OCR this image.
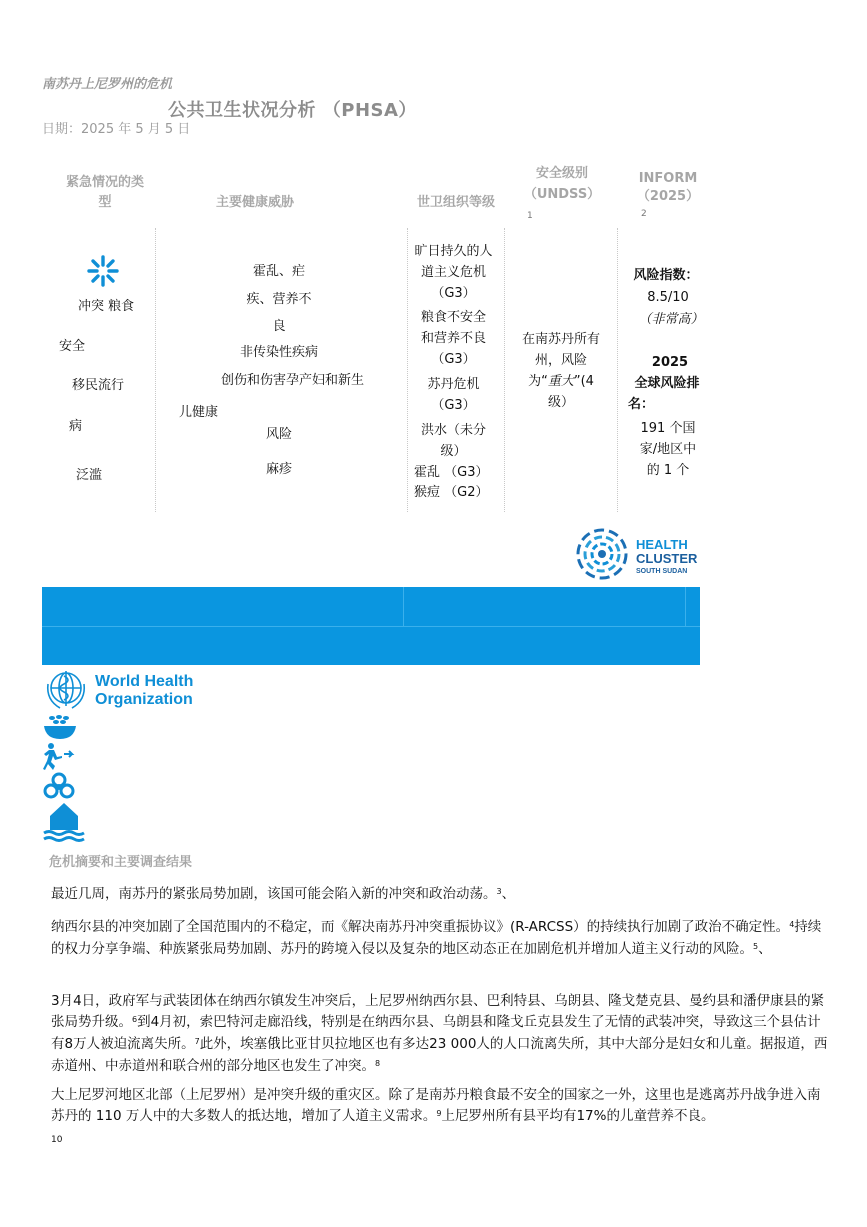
南苏丹上尼罗州的危机
公共卫生状况分析 （PHSA）
日期：2025 年 5 月 5 日
紧急情况的类型	主要健康威胁	世卫组织等级
安全级别（UNDSS）
1
INFORM（2025）
2
冲突 粮食
安全
移民流行
病
泛滥
霍乱、疟
疾、营养不
良
非传染性疾病
创伤和伤害孕产妇和新生
儿健康
风险
麻疹
旷日持久的人
道主义危机
（G3）
粮食不安全
和营养不良
（G3）
苏丹危机
（G3）
洪水（未分
级）
霍乱 （G3）
猴痘 （G2）
在南苏丹所有
州，风险
为“重大”(4
级）
风险指数：
8.5/10
（非常高）
2025
全球风险排
名：
191 个国
家/地区中
的 1 个
HEALTH
CLUSTER
SOUTH SUDAN
World Health
Organization
危机摘要和主要调查结果
最近几周，南苏丹的紧张局势加剧，该国可能会陷入新的冲突和政治动荡。$^3$、
纳西尔县的冲突加剧了全国范围内的不稳定，而《解决南苏丹冲突重振协议》(R-ARCSS）的持续执行加剧了政治不确定性。$^4$持续的权力分享争端、种族紧张局势加剧、苏丹的跨境入侵以及复杂的地区动态正在加剧危机并增加人道主义行动的风险。$^5$、
3月4日，政府军与武装团体在纳西尔镇发生冲突后，上尼罗州纳西尔县、巴利特县、乌朗县、隆戈楚克县、曼约县和潘伊康县的紧张局势升级。$^6$到4月初，索巴特河走廊沿线，特别是在纳西尔县、乌朗县和隆戈丘克县发生了无情的武装冲突，导致这三个县估计有8万人被迫流离失所。$^7$此外，埃塞俄比亚甘贝拉地区也有多达23 000人的人口流离失所，其中大部分是妇女和儿童。据报道，西赤道州、中赤道州和联合州的部分地区也发生了冲突。$^8$
大上尼罗河地区北部（上尼罗州）是冲突升级的重灾区。除了是南苏丹粮食最不安全的国家之一外，这里也是逃离苏丹战争进入南苏丹的 110 万人中的大多数人的抵达地，增加了人道主义需求。$^9$上尼罗州所有县平均有17%的儿童营养不良。
10
